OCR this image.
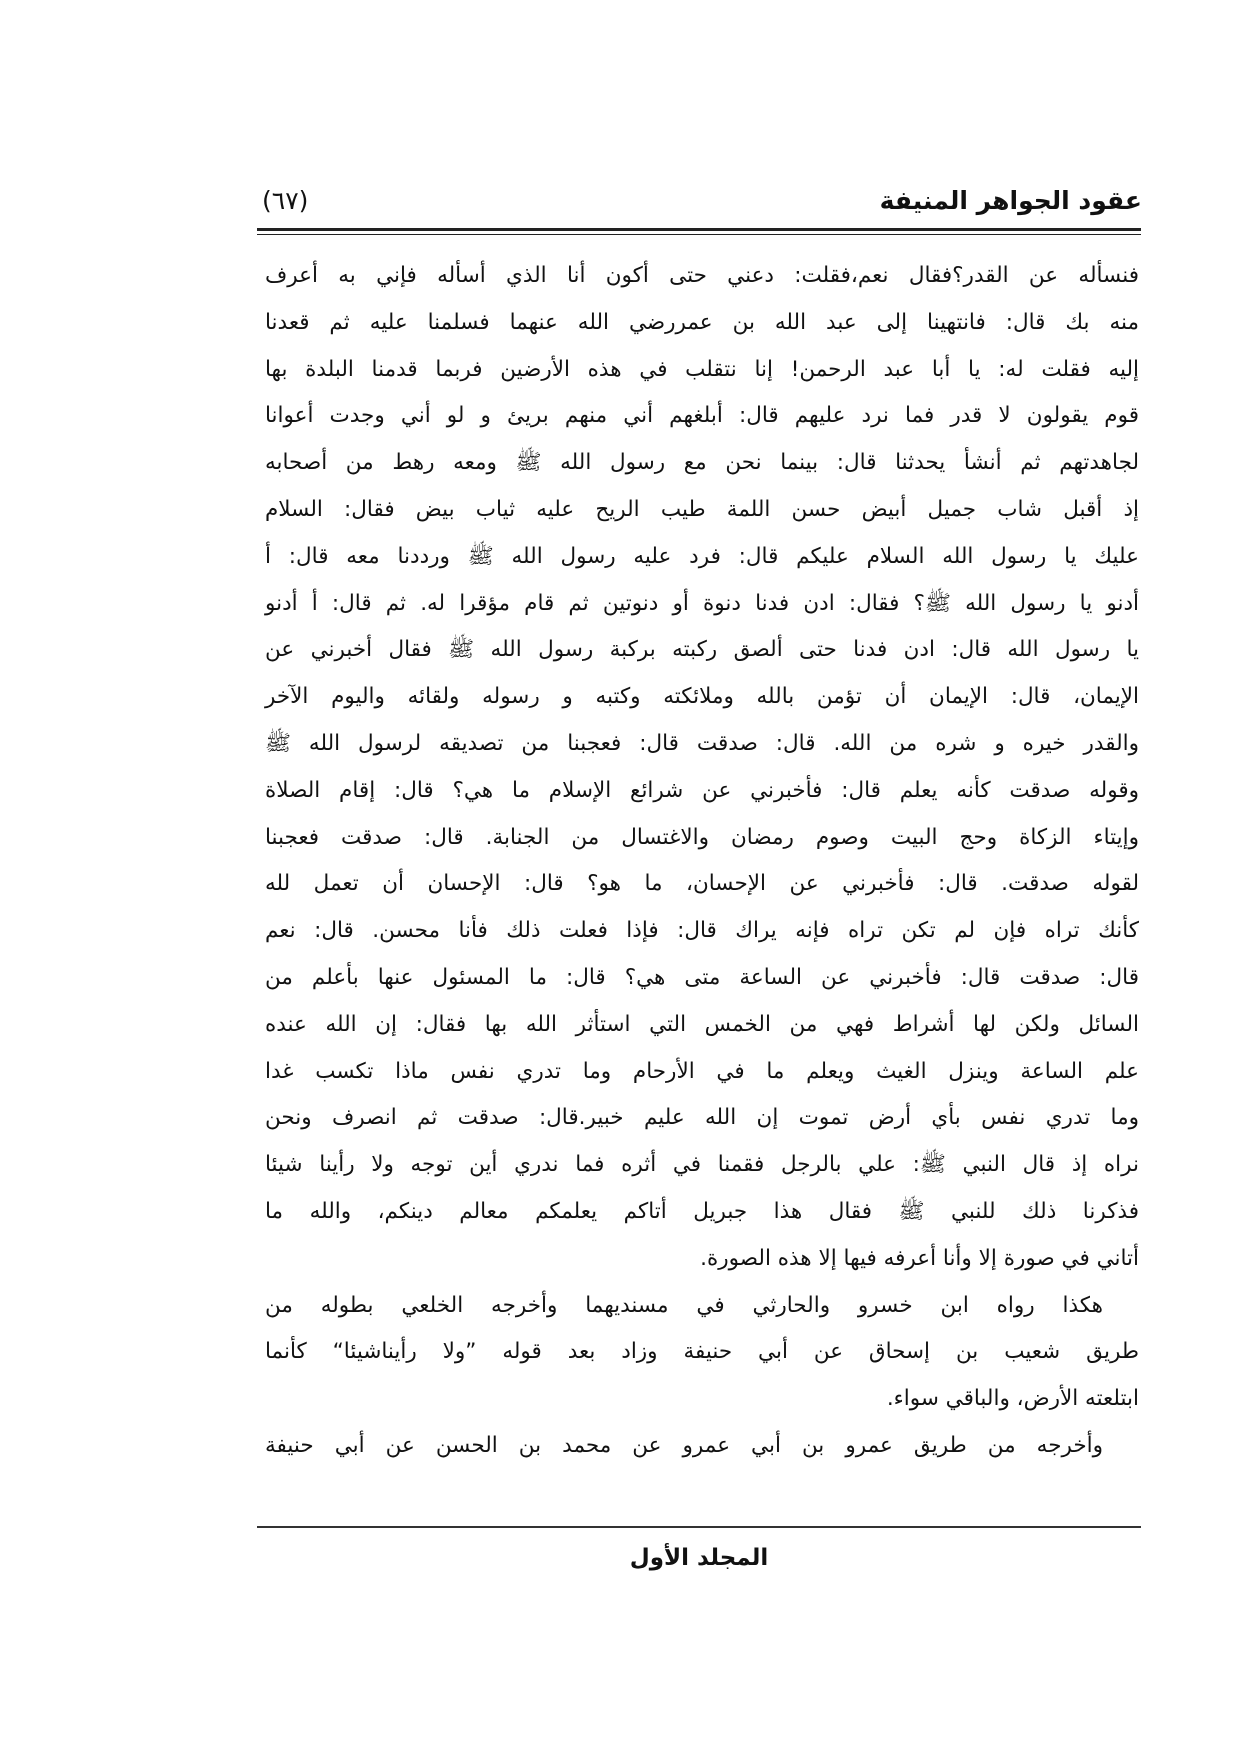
عقود الجواهر المنيفة
(٦٧)
فنسأله عن القدر؟فقال نعم،فقلت: دعني حتى أكون أنا الذي أسأله فإني به أعرف
منه بك قال: فانتهينا إلى عبد الله بن عمررضي الله عنهما فسلمنا عليه ثم قعدنا
إليه فقلت له: يا أبا عبد الرحمن! إنا نتقلب في هذه الأرضين فربما قدمنا البلدة بها
قوم يقولون لا قدر فما نرد عليهم قال: أبلغهم أني منهم بريئ و لو أني وجدت أعوانا
لجاهدتهم ثم أنشأ يحدثنا قال: بينما نحن مع رسول الله ﷺ ومعه رهط من أصحابه
إذ أقبل شاب جميل أبيض حسن اللمة طيب الريح عليه ثياب بيض فقال: السلام
عليك يا رسول الله السلام عليكم قال: فرد عليه رسول الله ﷺ ورددنا معه قال: أ
أدنو يا رسول الله ﷺ؟ فقال: ادن فدنا دنوة أو دنوتين ثم قام مؤقرا له. ثم قال: أ أدنو
يا رسول الله قال: ادن فدنا حتى ألصق ركبته بركبة رسول الله ﷺ فقال أخبرني عن
الإيمان، قال: الإيمان أن تؤمن بالله وملائكته وكتبه و رسوله ولقائه واليوم الآخر
والقدر خيره و شره من الله. قال: صدقت قال: فعجبنا من تصديقه لرسول الله ﷺ
وقوله صدقت كأنه يعلم قال: فأخبرني عن شرائع الإسلام ما هي؟ قال: إقام الصلاة
وإيتاء الزكاة وحج البيت وصوم رمضان والاغتسال من الجنابة. قال: صدقت فعجبنا
لقوله صدقت. قال: فأخبرني عن الإحسان، ما هو؟ قال: الإحسان أن تعمل لله
كأنك تراه فإن لم تكن تراه فإنه يراك قال: فإذا فعلت ذلك فأنا محسن. قال: نعم
قال: صدقت قال: فأخبرني عن الساعة متى هي؟ قال: ما المسئول عنها بأعلم من
السائل ولكن لها أشراط فهي من الخمس التي استأثر الله بها فقال: إن الله عنده
علم الساعة وينزل الغيث ويعلم ما في الأرحام وما تدري نفس ماذا تكسب غدا
وما تدري نفس بأي أرض تموت إن الله عليم خبير.قال: صدقت ثم انصرف ونحن
نراه إذ قال النبي ﷺ: علي بالرجل فقمنا في أثره فما ندري أين توجه ولا رأينا شيئا
فذكرنا ذلك للنبي ﷺ فقال هذا جبريل أتاكم يعلمكم معالم دينكم، والله ما
أتاني في صورة إلا وأنا أعرفه فيها إلا هذه الصورة.
هكذا رواه ابن خسرو والحارثي في مسنديهما وأخرجه الخلعي بطوله من
طريق شعيب بن إسحاق عن أبي حنيفة وزاد بعد قوله ”ولا رأيناشيئا“ كأنما
ابتلعته الأرض، والباقي سواء.
وأخرجه من طريق عمرو بن أبي عمرو عن محمد بن الحسن عن أبي حنيفة
المجلد الأول
